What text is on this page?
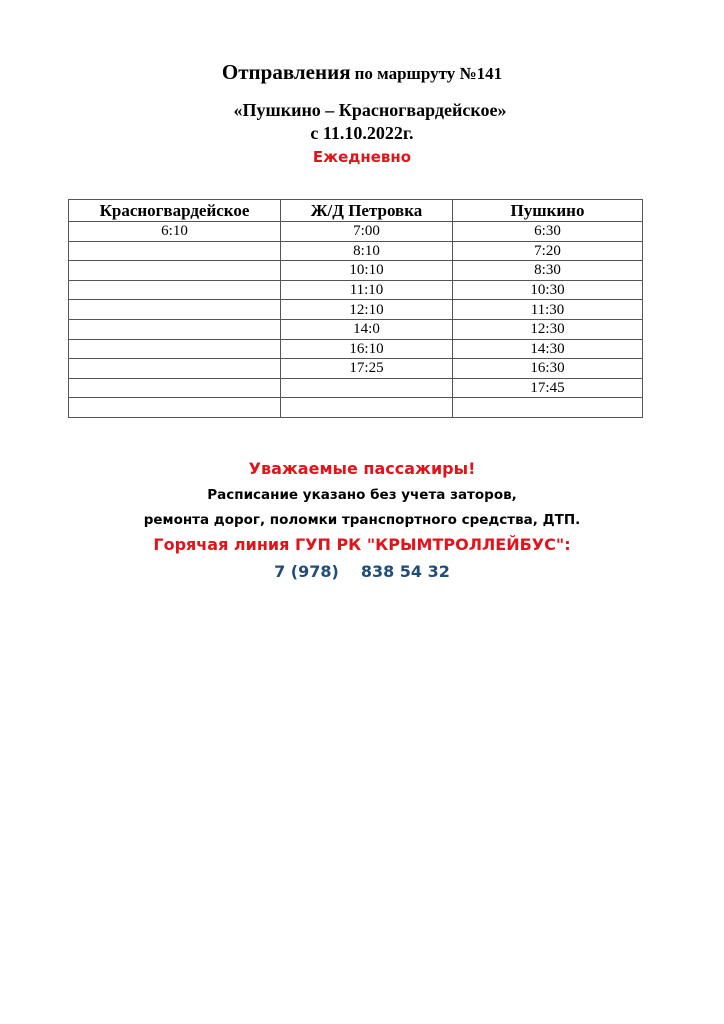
Отправления по маршруту №141
«Пушкино – Красногвардейское»
с 11.10.2022г.
Ежедневно
Красногвардейское	Ж/Д Петровка	Пушкино
6:10	7:00	6:30
	8:10	7:20
	10:10	8:30
	11:10	10:30
	12:10	11:30
	14:0	12:30
	16:10	14:30
	17:25	16:30
		17:45

Уважаемые пассажиры!
Расписание указано без учета заторов,
ремонта дорог, поломки транспортного средства, ДТП.
Горячая линия ГУП РК "КРЫМТРОЛЛЕЙБУС":
7 (978) 838 54 32
